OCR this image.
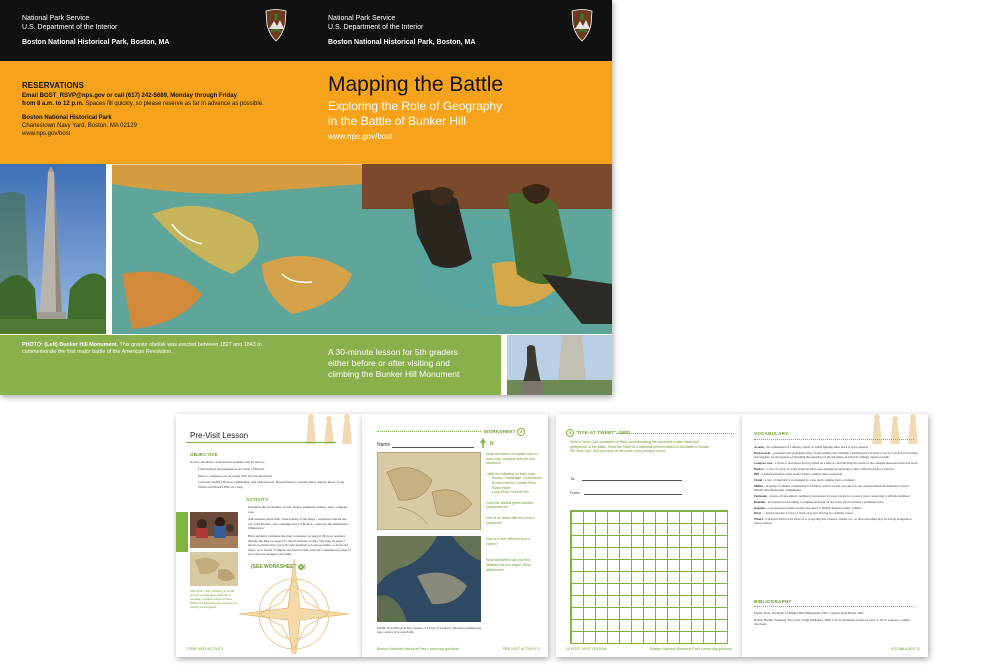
National Park Service
U.S. Department of the Interior
Boston National Historical Park, Boston, MA
National Park Service
U.S. Department of the Interior
Boston National Historical Park, Boston, MA
RESERVATIONS
Email BOST_RSVP@nps.gov or call (617) 242-5689, Monday through Friday
from 8 a.m. to 12 p.m. Spaces fill quickly, so please reserve as far in advance as possible.
Boston National Historical Park
Charlestown Navy Yard, Boston, MA 02129
www.nps.gov/bost
Mapping the Battle
Exploring the Role of Geography
in the Battle of Bunker Hill
www.nps.gov/bost
PHOTO: (Left) Bunker Hill Monument. This granite obelisk was erected between 1827 and 1843 to commemorate the first major battle of the American Revolution.	A 30-minute lesson for 5th graders
either before or after visiting and
climbing the Bunker Hill Monument
Pre-Visit Lesson
OBJECTIVE
At the conclusion of the lesson students will be able to:
Label islands and peninsulas on a map of Boston
Draw a compass rose on a map with all four directions
Correctly identify Boston, Cambridge, and Charlestown, Boston Harbor, Charles River, Mystic River, Long Wharf and Breed's Hill on a map
ACTIVITY
Introduce the vocabulary words: island, peninsula, harbor, river, compass rose.
Ask students share their observations of the maps - compare/contrast the two (one historic, one contemporary) of Boston - what are the similarities, differences?
Have students complete the map worksheet on page 6 (Note to teachers: enlarge the map on page 2 to check students' work). The map on page 7 shows locations that you will want students to look up online, or from old maps, or in books. Compare the historic map with the contemporary map to see what has changed over time.
PHOTOS: (Top) Working in small groups encourages students to consider multiple points of view. (Bottom) Historical map courtesy of Library of Congress.
(SEE WORKSHEET 2 )
2 PRE-VISIT ACTIVITY
WORKSHEET 2
Name	N
MAPS: (Top) Historical map courtesy of Library of Congress. (Bottom) Contemporary map courtesy of Google Earth.
Draw and label a compass rose on each map complete with the four directions
Label the following on each map:
Boston, Cambridge, Charlestown
Boston Harbor, Charles River, Mystic River
Long Wharf, Breed's Hill
Color the islands green and the peninsulas red
How is an island different from a peninsula?
How is a river different from a harbor?
What similarities can you find between the two maps? What differences?
Boston National Historical Park • www.nps.gov/bost	PRE-VISIT ACTIVITY 3
3 "DYE-AT TWEET" GRID
Write a Tweet (140 characters or less) communicating the document's main ideas and perspective of the battle. Send the Tweet to a historical person related to the Battle of Bunker Hill, from "you" as if you were at the writer of the primary source.
To:
From:
10 POST-VISIT LESSON	Boston National Historical Park • www.nps.gov/bost
VOCABULARY
Assault - the culmination of a military attack, in which fighting takes place at close quarters
Breastworks - prolonged and permanent effort of surrounding and attacking a fortified place in such a way as to isolate it from help and supplies, for the purpose of lessening the resistance of the defenders and thereby making capture possible
Compass rose - a circle or decorative device printed on a map or chart showing the points of the compass measured from true north
Harbor - a part of a body of water along the shore deep enough for anchoring a ship, often has docks or wharves
Hill - a natural elevation of the earth's surface, smaller than a mountain
Island - a tract of land that is surrounded by water and is smaller than a continent
Militia - an group of citizens volunteering for military service, in this case refers to the colonial American institution of local militias that defend their communities
Peninsula - an area of land almost completely surrounded by water except for a narrow piece connecting it with the mainland
Redoubt - an isolated work forming a complete enclosure of any form, used to defend a prominent point
Regulars - a professional soldier, in this case refers to British "Regular Army" soldiers
River - a natural stream of water of fairly large size flowing in a definite course
Wharf - a structure built on the shore of or projecting into a harbor, stream, etc., so that boats/ships may be tied up alongside to load or unload
BIBLIOGRAPHY
Englar, Mary. The Battle of Bunker Hill. Minneapolis, MN: Compass Point Books, 2007.
Hudak, Heather. Mapping. New York: Weigl Publishers, 2008. p.10-11 landforms, bodies of water. p. 20-21 compass, cardinal directions.
VOCABULARY 11
